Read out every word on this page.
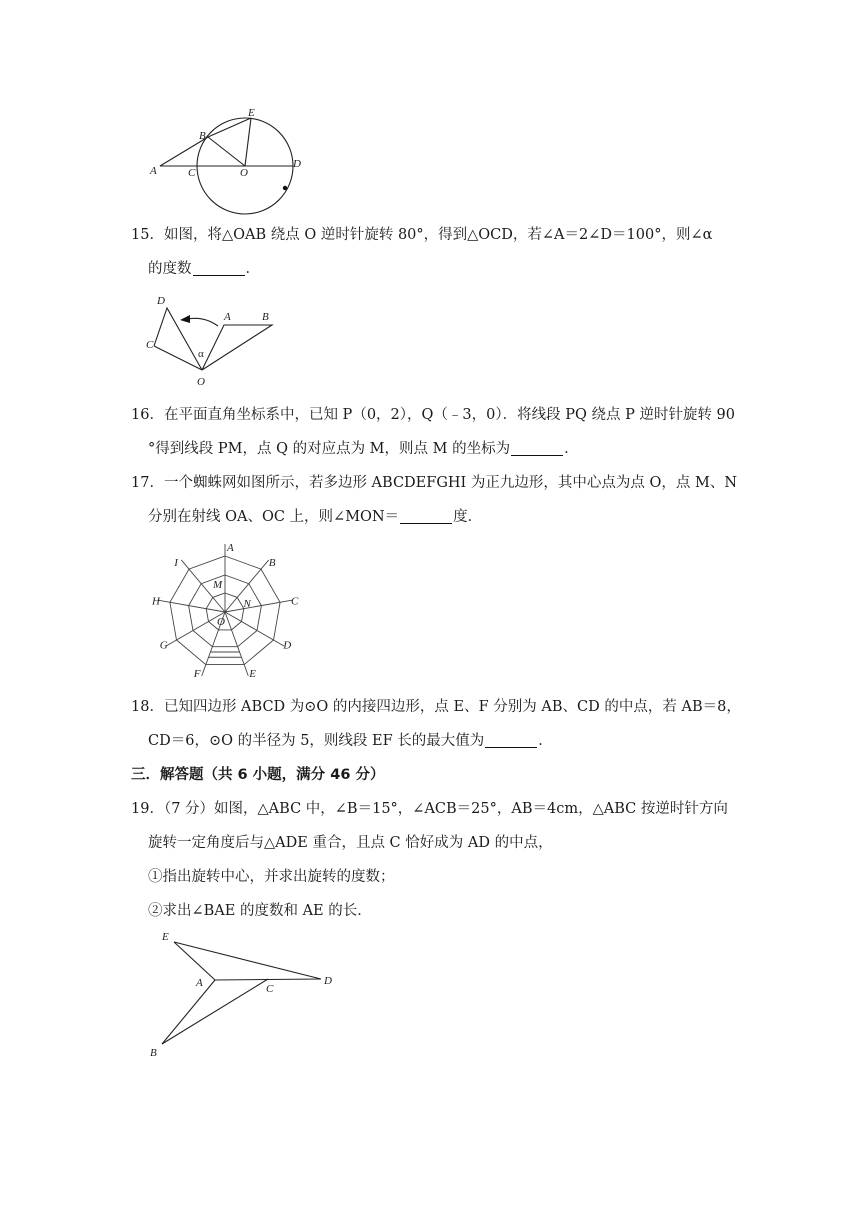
A
B
C	O
E
D
15．如图，将△OAB 绕点 O 逆时针旋转 80°，得到△OCD，若∠A＝2∠D＝100°，则∠α
的度数	．
D
A	B
C
α
O
16．在平面直角坐标系中，已知 P（0，2），Q（﹣3，0）．将线段 PQ 绕点 P 逆时针旋转 90
°得到线段 PM，点 Q 的对应点为 M，则点 M 的坐标为	．
17．一个蜘蛛网如图所示，若多边形 ABCDEFGHI 为正九边形，其中心点为点 O，点 M、N
分别在射线 OA、OC 上，则∠MON＝	度．
A
B
C
D
E
F
G
H
I
M
N
O
18．已知四边形 ABCD 为⊙O 的内接四边形，点 E、F 分别为 AB、CD 的中点，若 AB＝8，
CD＝6，⊙O 的半径为 5，则线段 EF 长的最大值为	．
三．解答题（共 6 小题，满分 46 分）
19．（7 分）如图，△ABC 中，∠B＝15°，∠ACB＝25°，AB＝4cm，△ABC 按逆时针方向
旋转一定角度后与△ADE 重合，且点 C 恰好成为 AD 的中点，
①指出旋转中心，并求出旋转的度数；
②求出∠BAE 的度数和 AE 的长．
E
A	C
D
B
